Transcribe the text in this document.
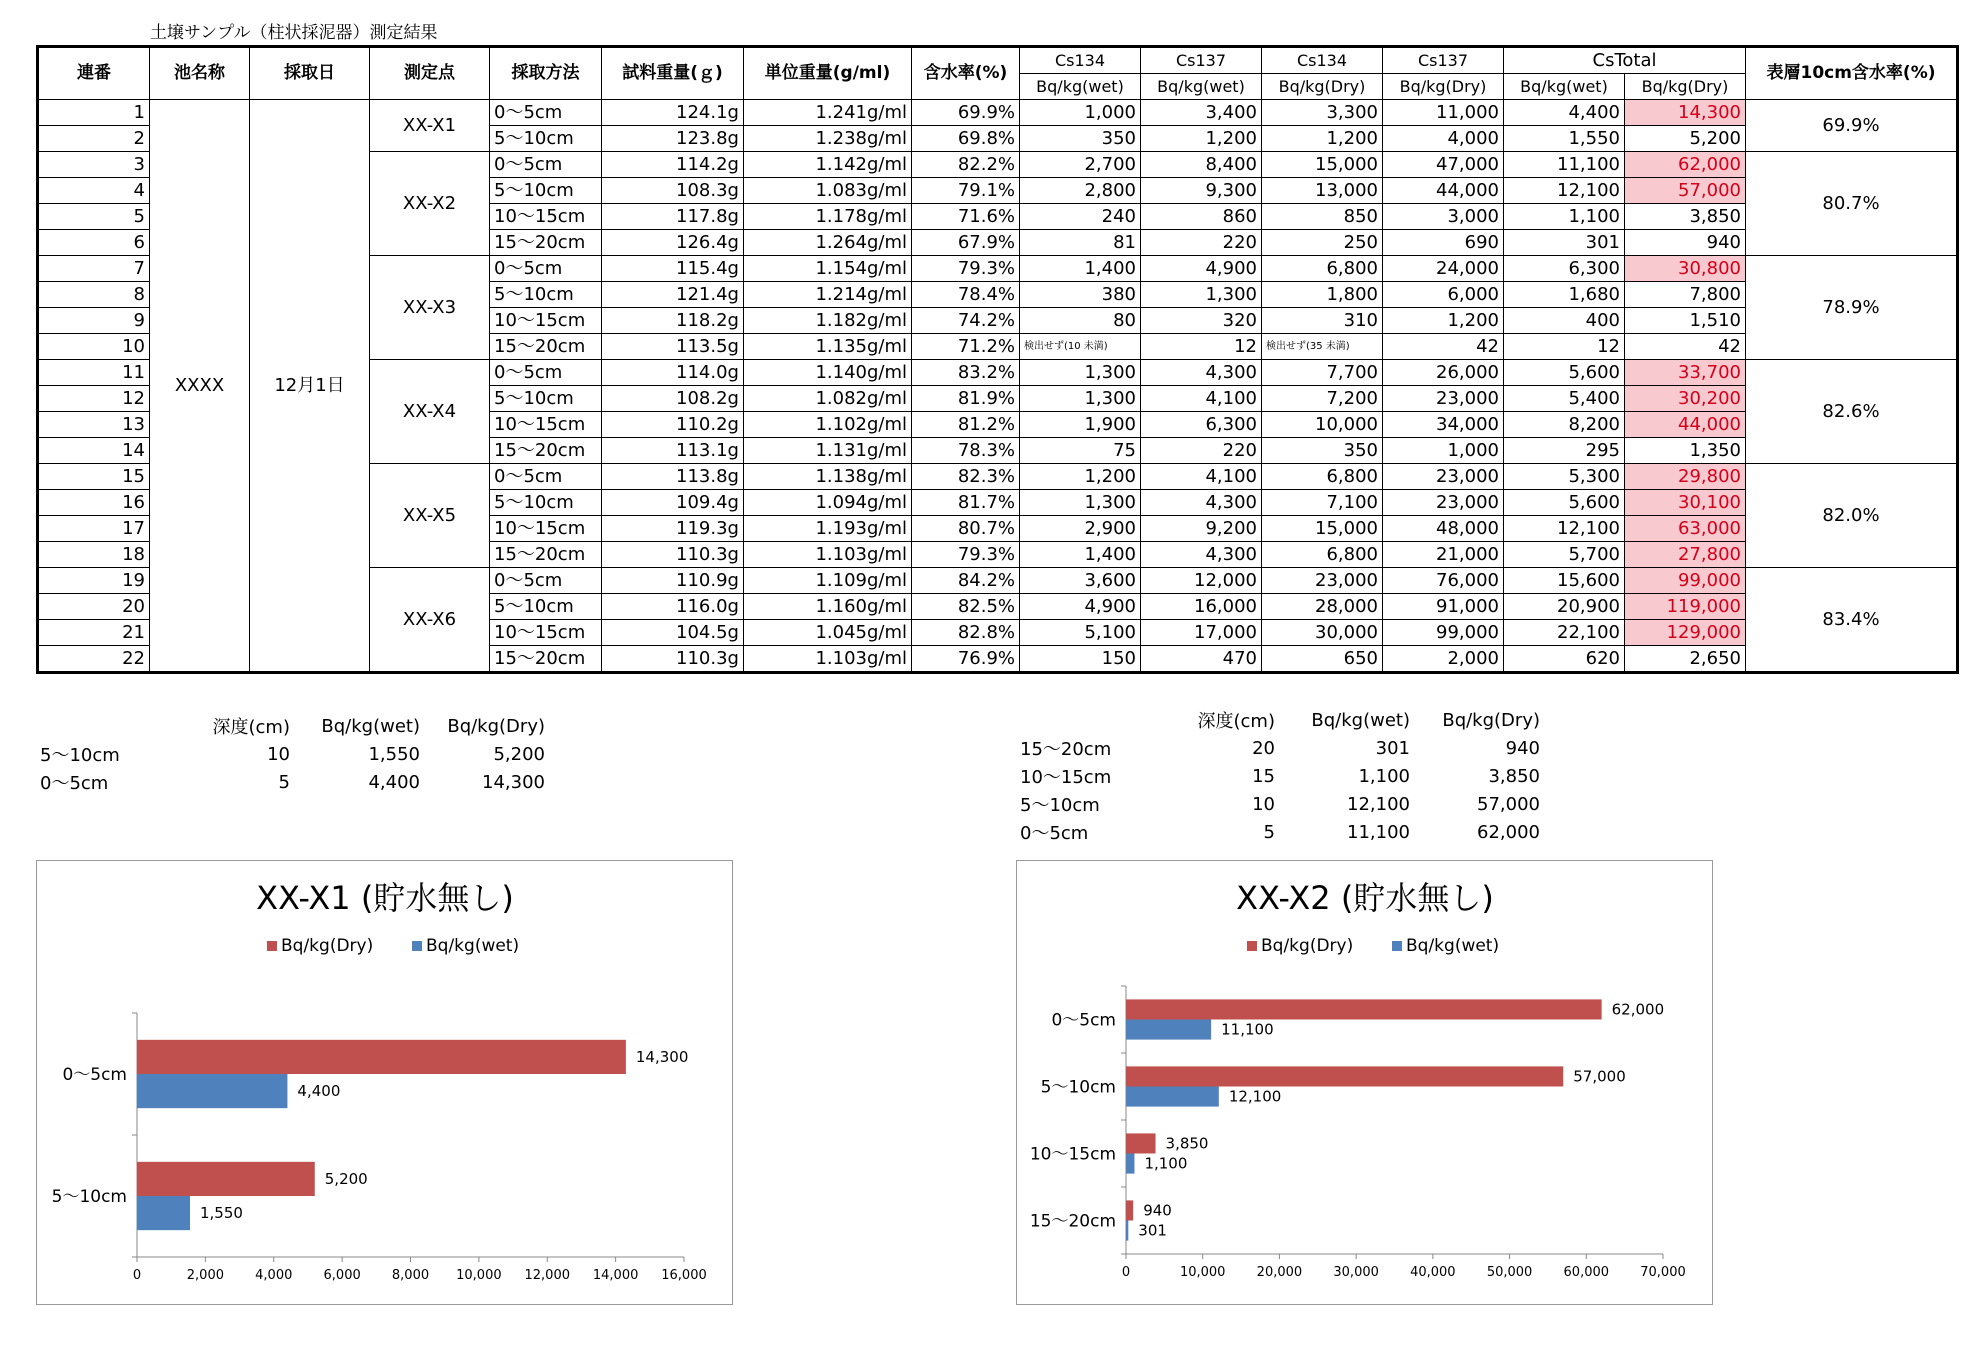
土壌サンプル（柱状採泥器）測定結果
連番	池名称	採取日	測定点	採取方法	試料重量(ｇ)	単位重量(g/ml)	含水率(%)	Cs134	Cs137	Cs134	Cs137	CsTotal		表層10cm含水率(%)
								Bq/kg(wet)	Bq/kg(wet)	Bq/kg(Dry)	Bq/kg(Dry)	Bq/kg(wet)	Bq/kg(Dry)	
1	XXXX	12月1日	XX-X1	0～5cm	124.1g	1.241g/ml	69.9%	1,000	3,400	3,300	11,000	4,400	14,300	69.9%
2				5～10cm	123.8g	1.238g/ml	69.8%	350	1,200	1,200	4,000	1,550	5,200	
3			XX-X2	0～5cm	114.2g	1.142g/ml	82.2%	2,700	8,400	15,000	47,000	11,100	62,000	80.7%
4				5～10cm	108.3g	1.083g/ml	79.1%	2,800	9,300	13,000	44,000	12,100	57,000	
5				10～15cm	117.8g	1.178g/ml	71.6%	240	860	850	3,000	1,100	3,850	
6				15～20cm	126.4g	1.264g/ml	67.9%	81	220	250	690	301	940	
7			XX-X3	0～5cm	115.4g	1.154g/ml	79.3%	1,400	4,900	6,800	24,000	6,300	30,800	78.9%
8				5～10cm	121.4g	1.214g/ml	78.4%	380	1,300	1,800	6,000	1,680	7,800	
9				10～15cm	118.2g	1.182g/ml	74.2%	80	320	310	1,200	400	1,510	
10				15～20cm	113.5g	1.135g/ml	71.2%	検出せず(10 未満)	12	検出せず(35 未満)	42	12	42	
11			XX-X4	0～5cm	114.0g	1.140g/ml	83.2%	1,300	4,300	7,700	26,000	5,600	33,700	82.6%
12				5～10cm	108.2g	1.082g/ml	81.9%	1,300	4,100	7,200	23,000	5,400	30,200	
13				10～15cm	110.2g	1.102g/ml	81.2%	1,900	6,300	10,000	34,000	8,200	44,000	
14				15～20cm	113.1g	1.131g/ml	78.3%	75	220	350	1,000	295	1,350	
15			XX-X5	0～5cm	113.8g	1.138g/ml	82.3%	1,200	4,100	6,800	23,000	5,300	29,800	82.0%
16				5～10cm	109.4g	1.094g/ml	81.7%	1,300	4,300	7,100	23,000	5,600	30,100	
17				10～15cm	119.3g	1.193g/ml	80.7%	2,900	9,200	15,000	48,000	12,100	63,000	
18				15～20cm	110.3g	1.103g/ml	79.3%	1,400	4,300	6,800	21,000	5,700	27,800	
19			XX-X6	0～5cm	110.9g	1.109g/ml	84.2%	3,600	12,000	23,000	76,000	15,600	99,000	83.4%
20				5～10cm	116.0g	1.160g/ml	82.5%	4,900	16,000	28,000	91,000	20,900	119,000	
21				10～15cm	104.5g	1.045g/ml	82.8%	5,100	17,000	30,000	99,000	22,100	129,000	
22				15～20cm	110.3g	1.103g/ml	76.9%	150	470	650	2,000	620	2,650	
	深度(cm)	Bq/kg(wet)	Bq/kg(Dry)
5～10cm	10	1,550	5,200
0～5cm	5	4,400	14,300
	深度(cm)	Bq/kg(wet)	Bq/kg(Dry)
15～20cm	20	301	940
10～15cm	15	1,100	3,850
5～10cm	10	12,100	57,000
0～5cm	5	11,100	62,000
XX-X1 (貯水無し)
Bq/kg(Dry)	Bq/kg(wet)
0	2,000 4,000 6,000 8,000 10,000 12,000 14,000 16,000
0～5cm
14,300
4,400
5～10cm
5,200
1,550
XX-X2 (貯水無し)
Bq/kg(Dry)	Bq/kg(wet)
0	10,000 20,000 30,000 40,000 50,000 60,000 70,000
0～5cm
62,000
11,100
5～10cm
57,000
12,100
10～15cm
3,850
1,100
15～20cm
940
301
